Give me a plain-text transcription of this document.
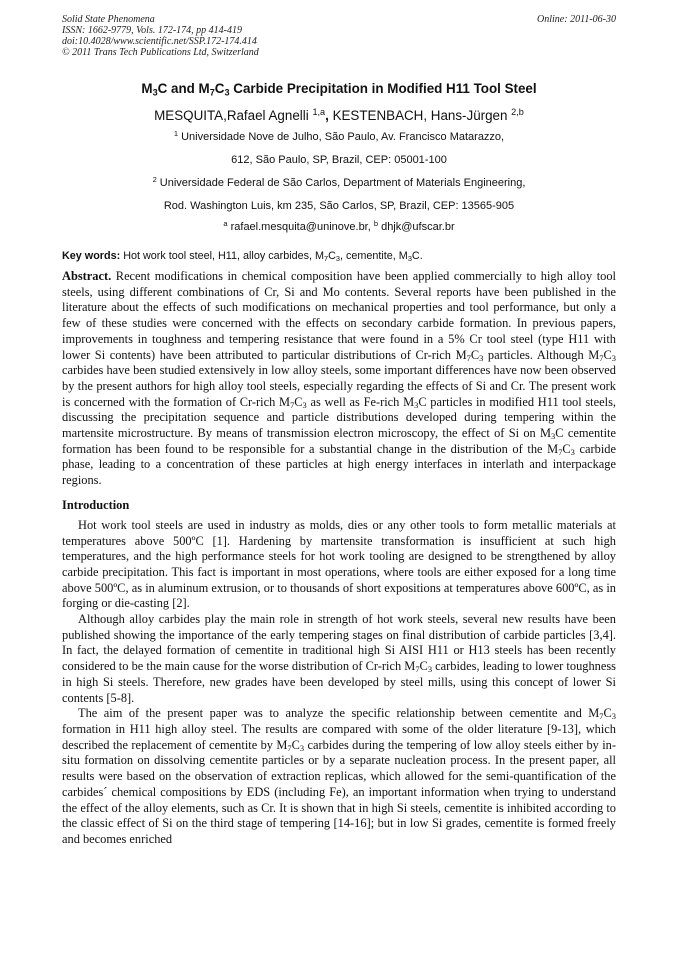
Solid State Phenomena
ISSN: 1662-9779, Vols. 172-174, pp 414-419
doi:10.4028/www.scientific.net/SSP.172-174.414
© 2011 Trans Tech Publications Ltd, Switzerland
Online: 2011-06-30
$M_3C$ and $M_7C_3$ Carbide Precipitation in Modified H11 Tool Steel
MESQUITA,Rafael Agnelli $^{1,a}$, KESTENBACH, Hans-Jürgen $^{2,b}$
$^1$ Universidade Nove de Julho, São Paulo, Av. Francisco Matarazzo,
612, São Paulo, SP, Brazil, CEP: 05001-100
$^2$ Universidade Federal de São Carlos, Department of Materials Engineering,
Rod. Washington Luis, km 235, São Carlos, SP, Brazil, CEP: 13565-905
$^a$ rafael.mesquita@uninove.br, $^b$ dhjk@ufscar.br
Key words: Hot work tool steel, H11, alloy carbides, $M_7C_3$, cementite, $M_3C$.

Abstract. Recent modifications in chemical composition have been applied commercially to high alloy tool steels, using different combinations of Cr, Si and Mo contents. Several reports have been published in the literature about the effects of such modifications on mechanical properties and tool performance, but only a few of these studies were concerned with the effects on secondary carbide formation. In previous papers, improvements in toughness and tempering resistance that were found in a 5% Cr tool steel (type H11 with lower Si contents) have been attributed to particular distributions of Cr-rich $M_7C_3$ particles. Although $M_7C_3$ carbides have been studied extensively in low alloy steels, some important differences have now been observed by the present authors for high alloy tool steels, especially regarding the effects of Si and Cr. The present work is concerned with the formation of Cr-rich $M_7C_3$ as well as Fe-rich $M_3C$ particles in modified H11 tool steels, discussing the precipitation sequence and particle distributions developed during tempering within the martensite microstructure. By means of transmission electron microscopy, the effect of Si on $M_3C$ cementite formation has been found to be responsible for a substantial change in the distribution of the $M_7C_3$ carbide phase, leading to a concentration of these particles at high energy interfaces in interlath and interpackage regions.

Introduction

Hot work tool steels are used in industry as molds, dies or any other tools to form metallic materials at temperatures above 500ºC [1]. Hardening by martensite transformation is insufficient at such high temperatures, and the high performance steels for hot work tooling are designed to be strengthened by alloy carbide precipitation. This fact is important in most operations, where tools are either exposed for a long time above 500ºC, as in aluminum extrusion, or to thousands of short expositions at temperatures above 600ºC, as in forging or die-casting [2].

Although alloy carbides play the main role in strength of hot work steels, several new results have been published showing the importance of the early tempering stages on final distribution of carbide particles [3,4]. In fact, the delayed formation of cementite in traditional high Si AISI H11 or H13 steels has been recently considered to be the main cause for the worse distribution of Cr-rich $M_7C_3$ carbides, leading to lower toughness in high Si steels. Therefore, new grades have been developed by steel mills, using this concept of lower Si contents [5-8].

The aim of the present paper was to analyze the specific relationship between cementite and $M_7C_3$ formation in H11 high alloy steel. The results are compared with some of the older literature [9-13], which described the replacement of cementite by $M_7C_3$ carbides during the tempering of low alloy steels either by in-situ formation on dissolving cementite particles or by a separate nucleation process. In the present paper, all results were based on the observation of extraction replicas, which allowed for the semi-quantification of the carbides´ chemical compositions by EDS (including Fe), an important information when trying to understand the effect of the alloy elements, such as Cr. It is shown that in high Si steels, cementite is inhibited according to the classic effect of Si on the third stage of tempering [14-16]; but in low Si grades, cementite is formed freely and becomes enriched
